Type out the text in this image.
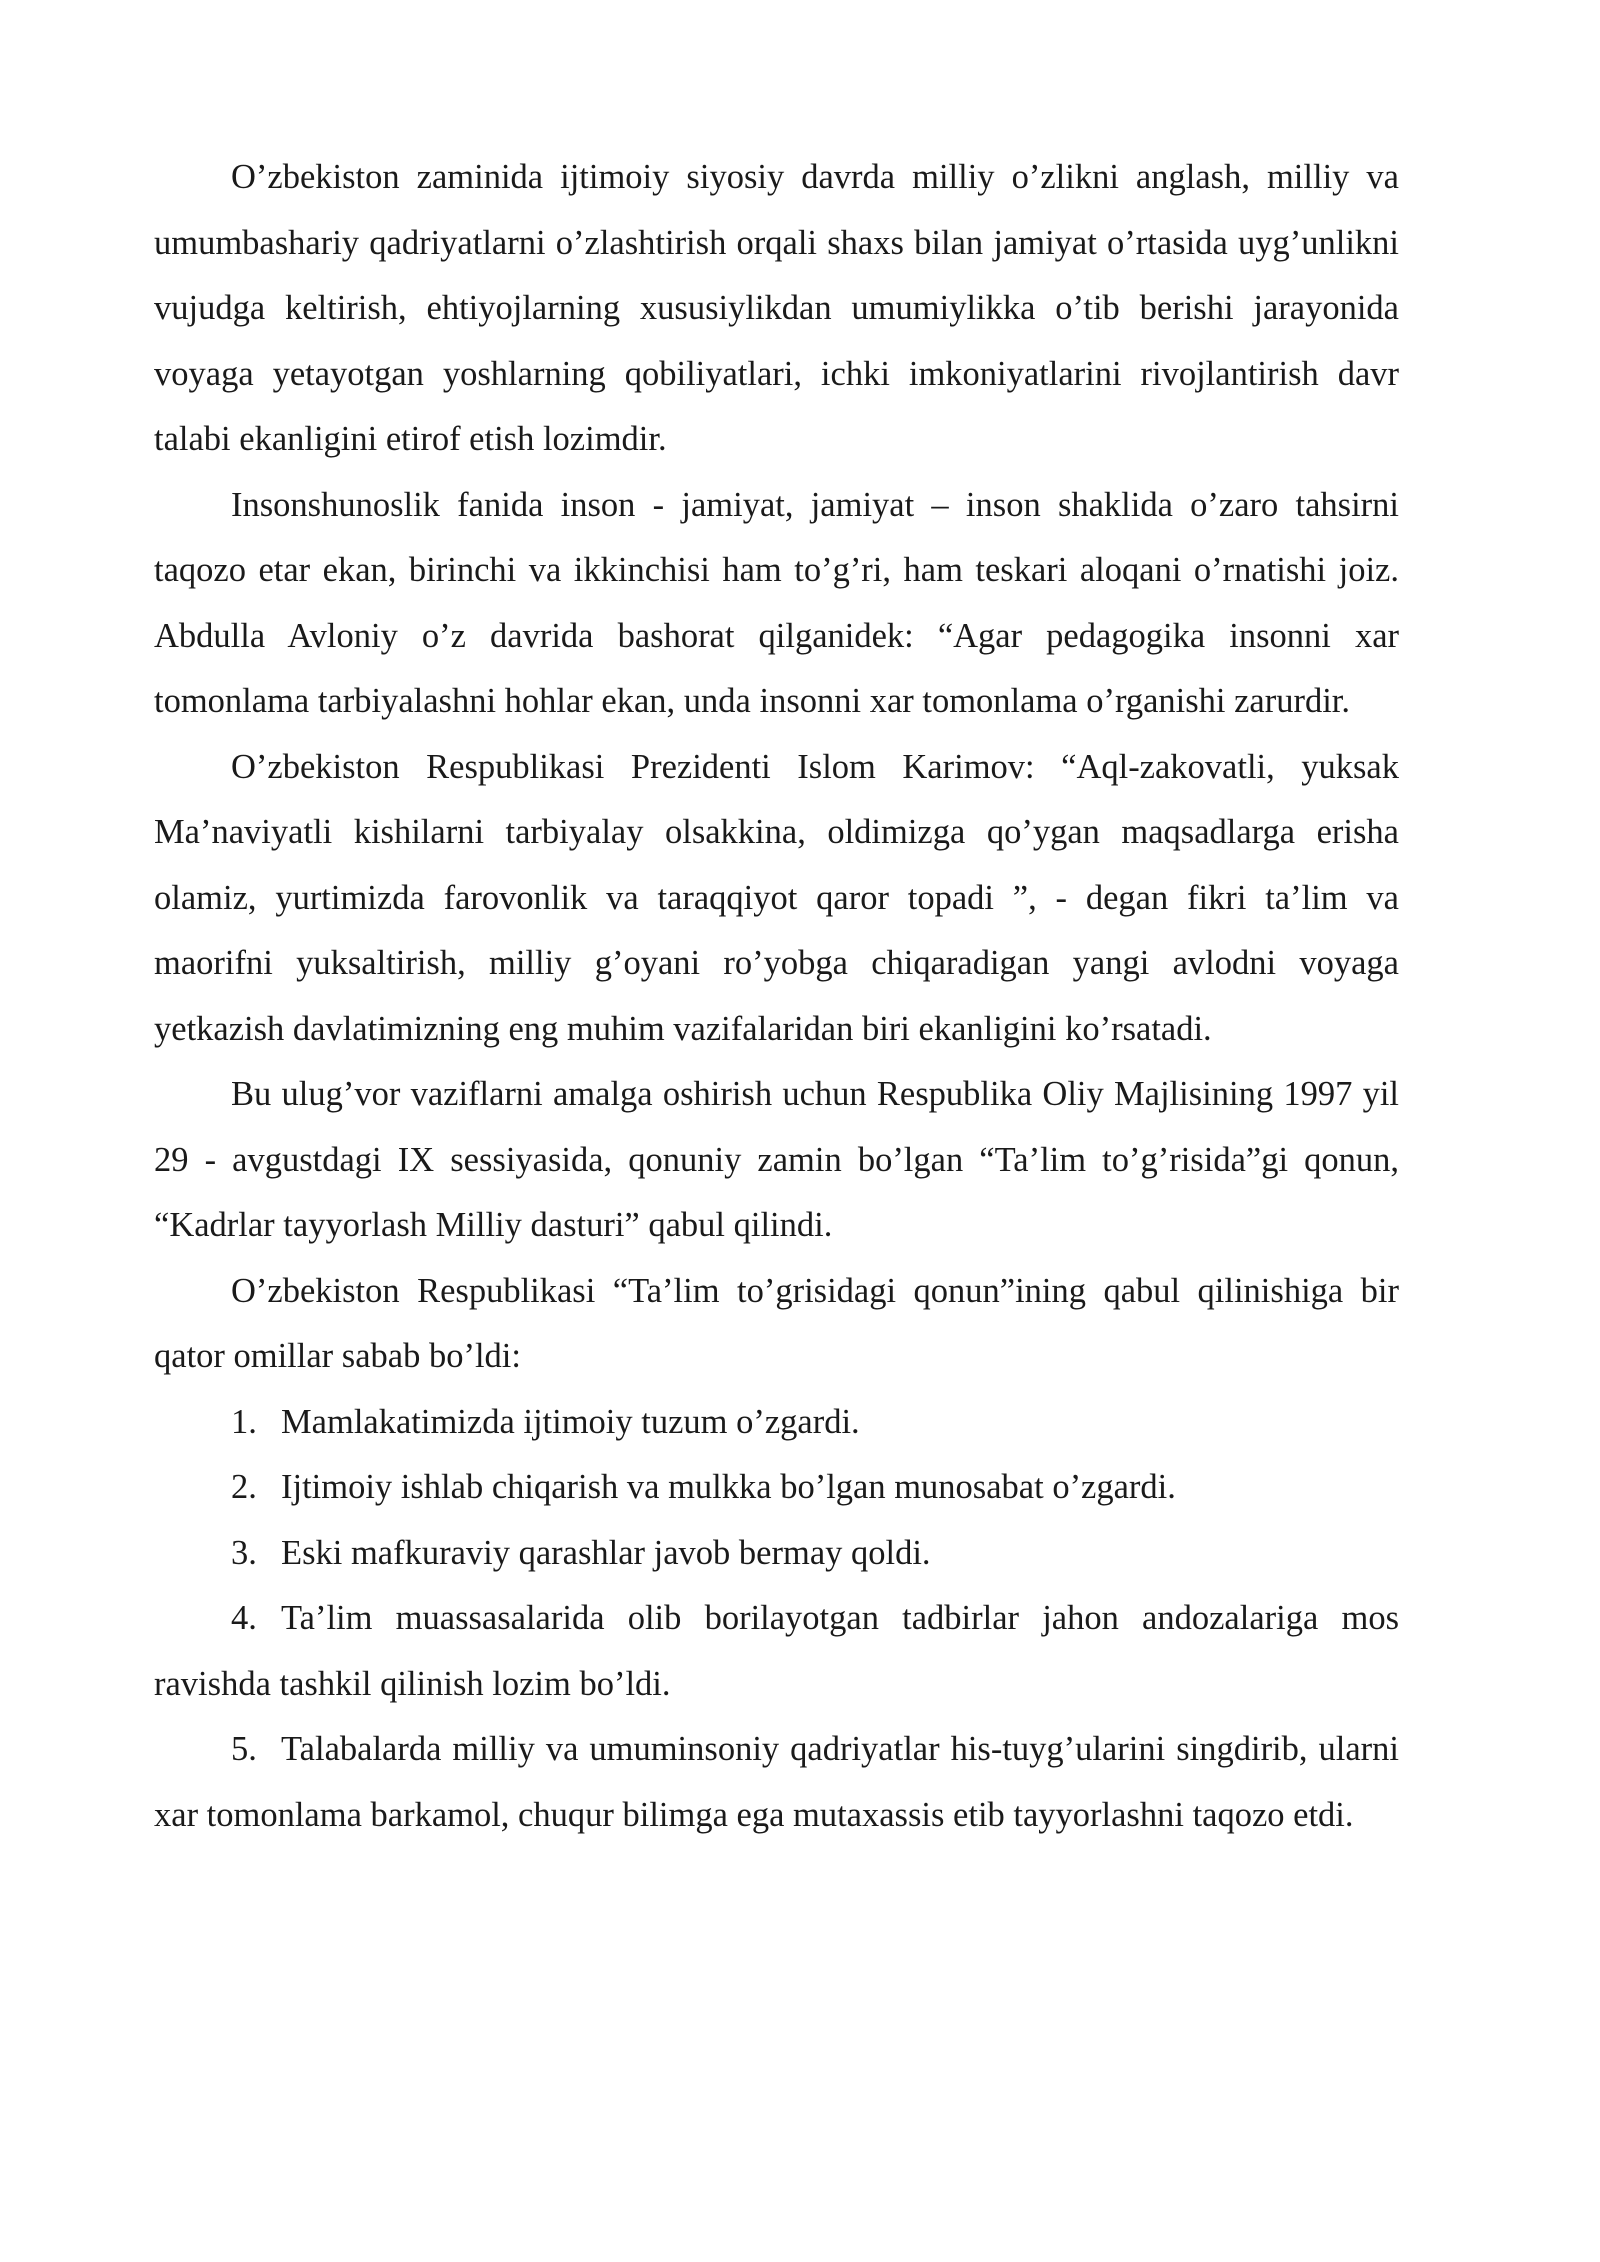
O’zbekiston zaminida ijtimoiy siyosiy davrda milliy o’zlikni anglash, milliy va umumbashariy qadriyatlarni o’zlashtirish orqali shaxs bilan jamiyat o’rtasida uyg’unlikni vujudga keltirish, ehtiyojlarning xususiylikdan umumiylikka o’tib berishi jarayonida voyaga yetayotgan yoshlarning qobiliyatlari, ichki imkoniyatlarini rivojlantirish davr talabi ekanligini etirof etish lozimdir.

Insonshunoslik fanida inson - jamiyat, jamiyat – inson shaklida o’zaro tahsirni taqozo etar ekan, birinchi va ikkinchisi ham to’g’ri, ham teskari aloqani o’rnatishi joiz. Abdulla Avloniy o’z davrida bashorat qilganidek: “Agar pedagogika insonni xar tomonlama tarbiyalashni hohlar ekan, unda insonni xar tomonlama o’rganishi zarurdir.

O’zbekiston Respublikasi Prezidenti Islom Karimov: “Aql-zakovatli, yuksak Ma’naviyatli kishilarni tarbiyalay olsakkina, oldimizga qo’ygan maqsadlarga erisha olamiz, yurtimizda farovonlik va taraqqiyot qaror topadi ”, - degan fikri ta’lim va maorifni yuksaltirish, milliy g’oyani ro’yobga chiqaradigan yangi avlodni voyaga yetkazish davlatimizning eng muhim vazifalaridan biri ekanligini ko’rsatadi.

Bu ulug’vor vaziflarni amalga oshirish uchun Respublika Oliy Majlisining 1997 yil 29 - avgustdagi IX sessiyasida, qonuniy zamin bo’lgan “Ta’lim to’g’risida”gi qonun, “Kadrlar tayyorlash Milliy dasturi” qabul qilindi.

O’zbekiston Respublikasi “Ta’lim to’grisidagi qonun”ining qabul qilinishiga bir qator omillar sabab bo’ldi:

1. Mamlakatimizda ijtimoiy tuzum o’zgardi.

2. Ijtimoiy ishlab chiqarish va mulkka bo’lgan munosabat o’zgardi.

3. Eski mafkuraviy qarashlar javob bermay qoldi.

4. Ta’lim muassasalarida olib borilayotgan tadbirlar jahon andozalariga mos ravishda tashkil qilinish lozim bo’ldi.

5. Talabalarda milliy va umuminsoniy qadriyatlar his-tuyg’ularini singdirib, ularni xar tomonlama barkamol, chuqur bilimga ega mutaxassis etib tayyorlashni taqozo etdi.
